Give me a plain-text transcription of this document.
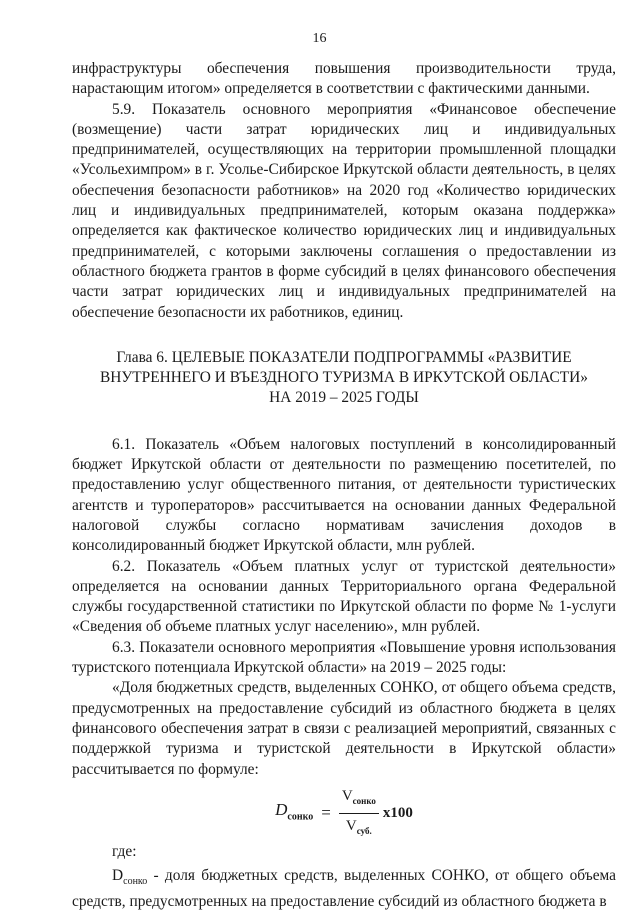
16

инфраструктуры обеспечения повышения производительности труда, нарастающим итогом» определяется в соответствии с фактическими данными.

5.9. Показатель основного мероприятия «Финансовое обеспечение (возмещение) части затрат юридических лиц и индивидуальных предпринимателей, осуществляющих на территории промышленной площадки «Усольехимпром» в г. Усолье-Сибирское Иркутской области деятельность, в целях обеспечения безопасности работников» на 2020 год «Количество юридических лиц и индивидуальных предпринимателей, которым оказана поддержка» определяется как фактическое количество юридических лиц и индивидуальных предпринимателей, с которыми заключены соглашения о предоставлении из областного бюджета грантов в форме субсидий в целях финансового обеспечения части затрат юридических лиц и индивидуальных предпринимателей на обеспечение безопасности их работников, единиц.

Глава 6. ЦЕЛЕВЫЕ ПОКАЗАТЕЛИ ПОДПРОГРАММЫ «РАЗВИТИЕ
ВНУТРЕННЕГО И ВЪЕЗДНОГО ТУРИЗМА В ИРКУТСКОЙ ОБЛАСТИ»
НА 2019 – 2025 ГОДЫ

6.1. Показатель «Объем налоговых поступлений в консолидированный бюджет Иркутской области от деятельности по размещению посетителей, по предоставлению услуг общественного питания, от деятельности туристических агентств и туроператоров» рассчитывается на основании данных Федеральной налоговой службы согласно нормативам зачисления доходов в консолидированный бюджет Иркутской области, млн рублей.

6.2. Показатель «Объем платных услуг от туристской деятельности» определяется на основании данных Территориального органа Федеральной службы государственной статистики по Иркутской области по форме № 1-услуги «Сведения об объеме платных услуг населению», млн рублей.

6.3. Показатели основного мероприятия «Повышение уровня использования туристского потенциала Иркутской области» на 2019 – 2025 годы:

«Доля бюджетных средств, выделенных СОНКО, от общего объема средств, предусмотренных на предоставление субсидий из областного бюджета в целях финансового обеспечения затрат в связи с реализацией мероприятий, связанных с поддержкой туризма и туристской деятельности в Иркутской области» рассчитывается по формуле:

$D_{сонко} = \frac{V_{сонко}}{V_{суб.}} x100$

где:

$D_{сонко}$ - доля бюджетных средств, выделенных СОНКО, от общего объема средств, предусмотренных на предоставление субсидий из областного бюджета в
